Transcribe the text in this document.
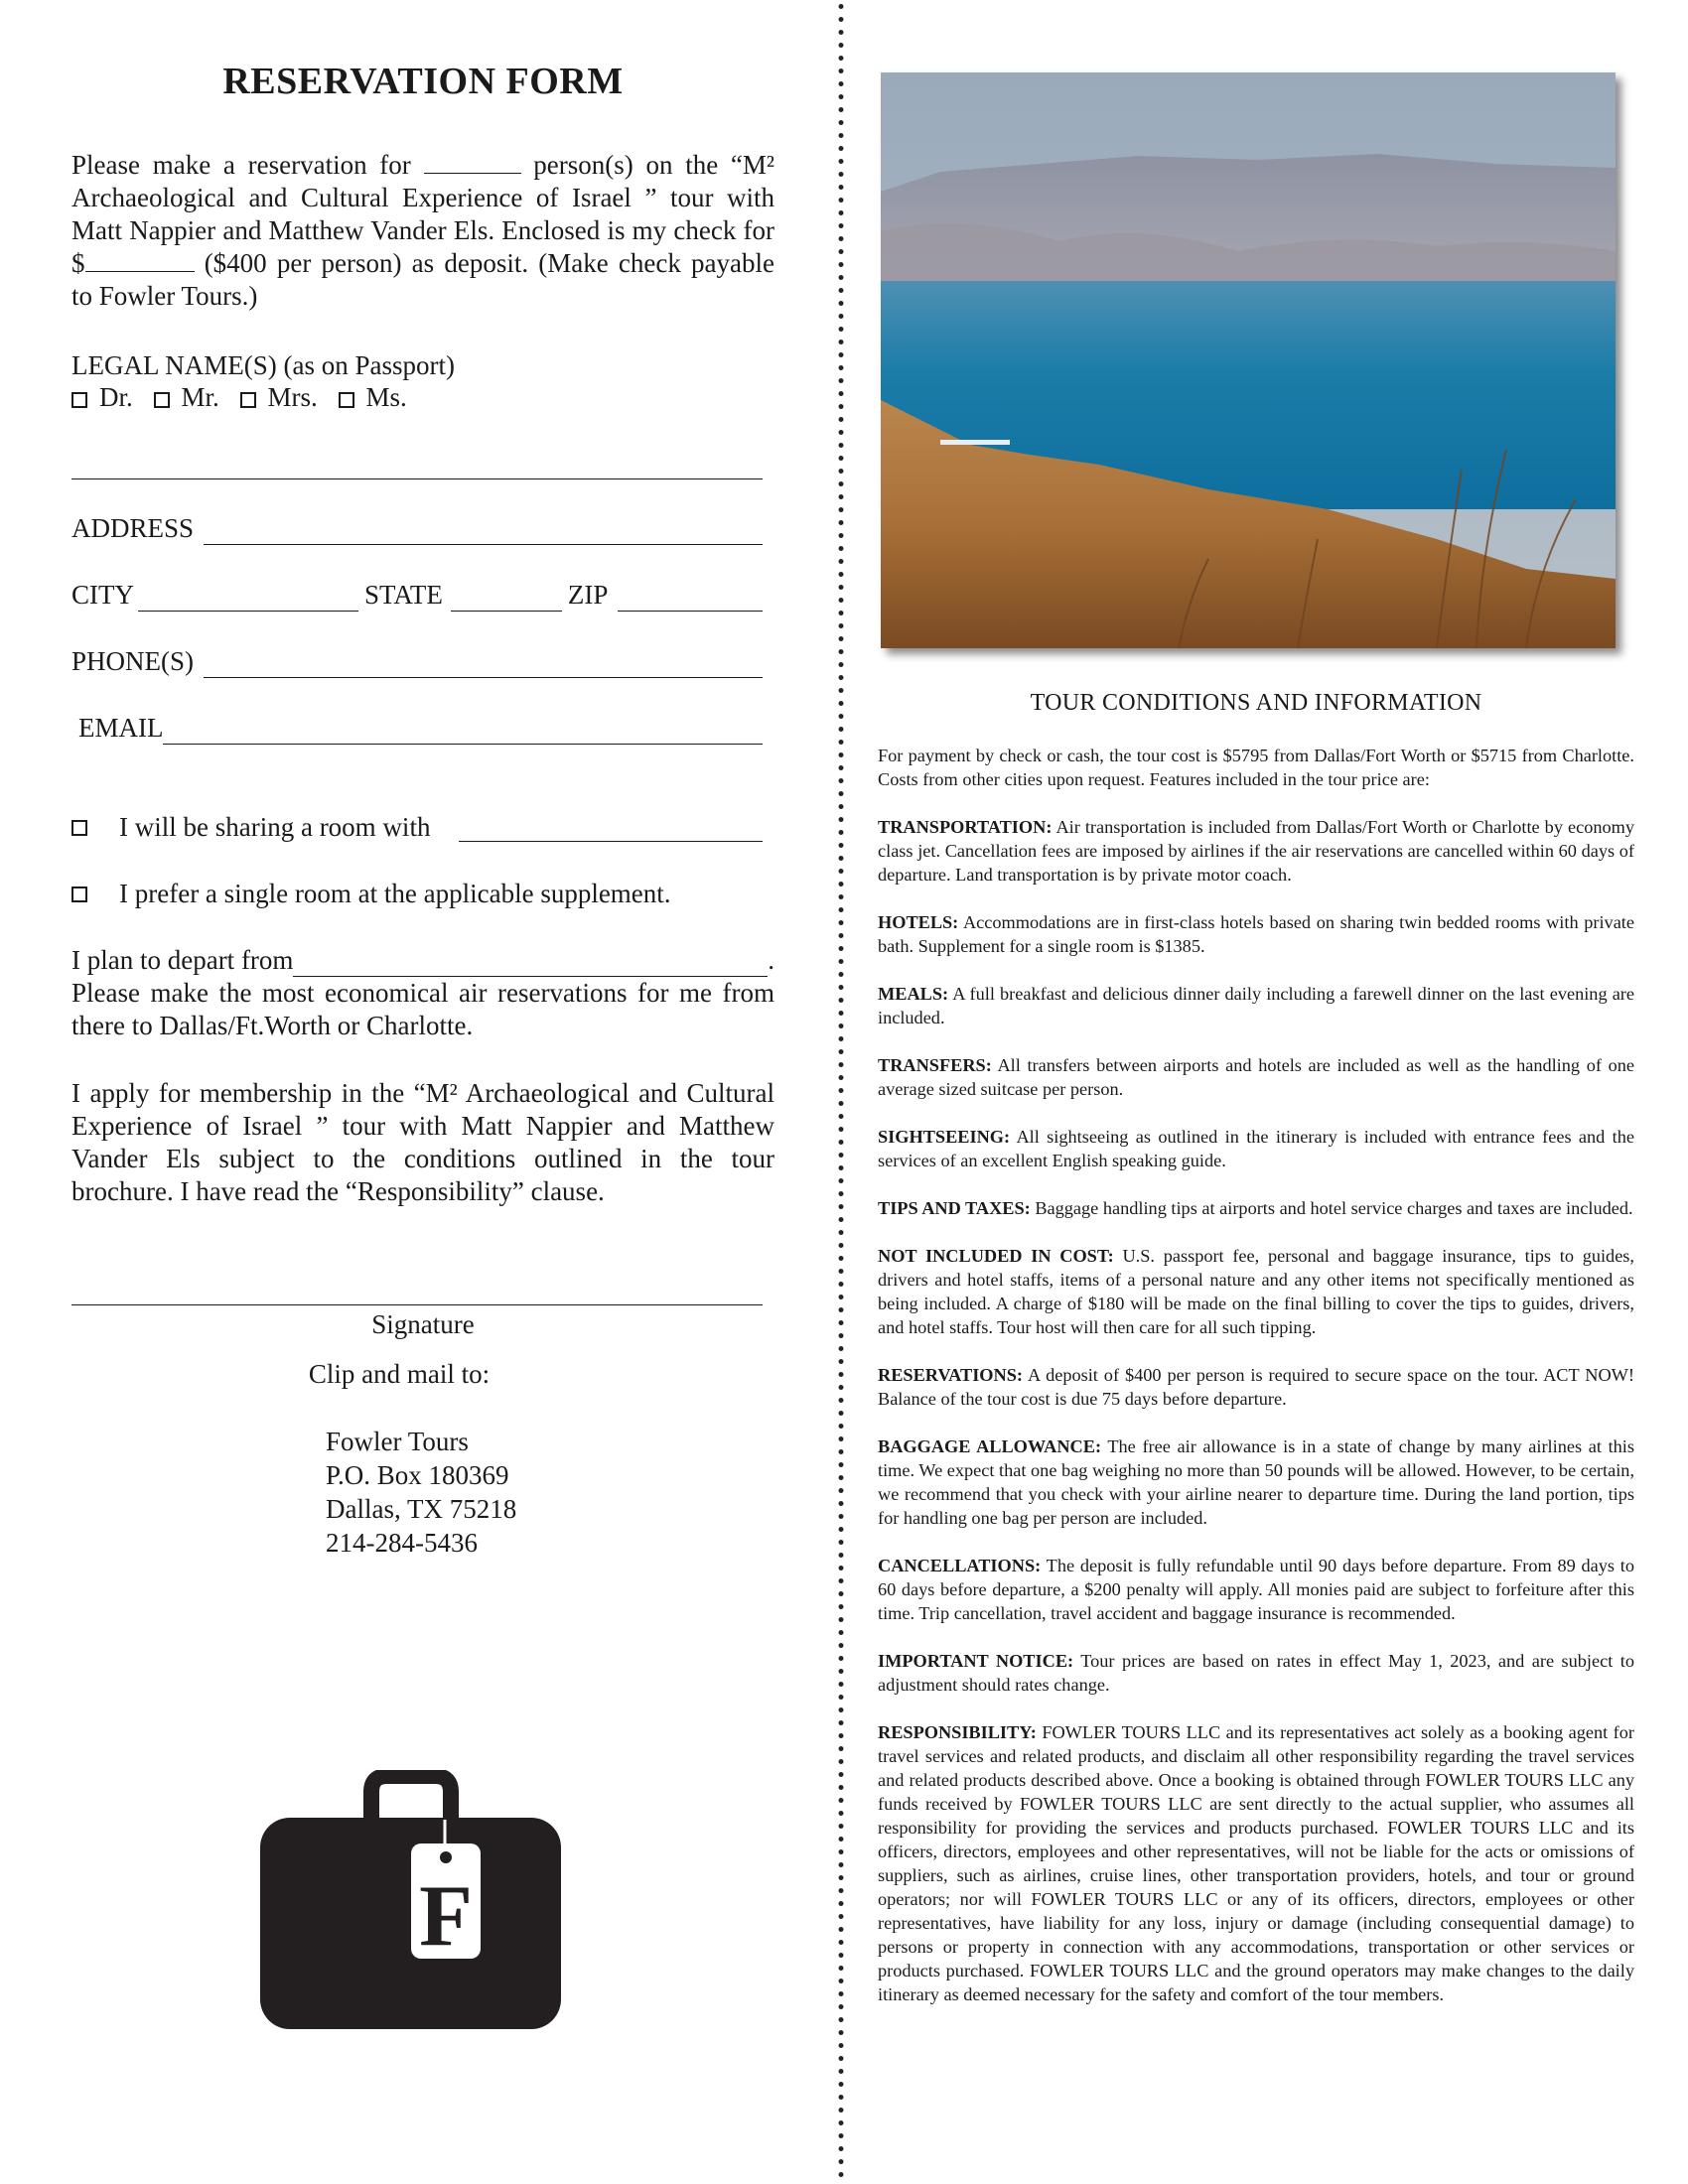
RESERVATION FORM
Please make a reservation for	person(s) on the “M² Archaeological and Cultural Experience of Israel ” tour with Matt Nappier and Matthew Vander Els. Enclosed is my check for $	($400 per person) as deposit. (Make check payable to Fowler Tours.)
LEGAL NAME(S) (as on Passport)
Dr. Mr. Mrs. Ms.
ADDRESS
CITY	STATE	ZIP
PHONE(S)
EMAIL
I will be sharing a room with
I prefer a single room at the applicable supplement.
I plan to depart from	.
Please make the most economical air reservations for me from there to Dallas/Ft.Worth or Charlotte.
I apply for membership in the “M² Archaeological and Cultural Experience of Israel ” tour with Matt Nappier and Matthew Vander Els subject to the conditions outlined in the tour brochure. I have read the “Responsibility” clause.
Signature
Clip and mail to:
Fowler Tours
P.O. Box 180369
Dallas, TX 75218
214-284-5436
F
TOUR CONDITIONS AND INFORMATION

For payment by check or cash, the tour cost is $5795 from Dallas/Fort Worth or $5715 from Charlotte. Costs from other cities upon request. Features included in the tour price are:

TRANSPORTATION: Air transportation is included from Dallas/Fort Worth or Charlotte by economy class jet. Cancellation fees are imposed by airlines if the air reservations are cancelled within 60 days of departure. Land transportation is by private motor coach.

HOTELS: Accommodations are in first-class hotels based on sharing twin bedded rooms with private bath. Supplement for a single room is $1385.

MEALS: A full breakfast and delicious dinner daily including a farewell dinner on the last evening are included.

TRANSFERS: All transfers between airports and hotels are included as well as the handling of one average sized suitcase per person.

SIGHTSEEING: All sightseeing as outlined in the itinerary is included with entrance fees and the services of an excellent English speaking guide.

TIPS AND TAXES: Baggage handling tips at airports and hotel service charges and taxes are included.

NOT INCLUDED IN COST: U.S. passport fee, personal and baggage insurance, tips to guides, drivers and hotel staffs, items of a personal nature and any other items not specifically mentioned as being included. A charge of $180 will be made on the final billing to cover the tips to guides, drivers, and hotel staffs. Tour host will then care for all such tipping.

RESERVATIONS: A deposit of $400 per person is required to secure space on the tour. ACT NOW! Balance of the tour cost is due 75 days before departure.

BAGGAGE ALLOWANCE: The free air allowance is in a state of change by many airlines at this time. We expect that one bag weighing no more than 50 pounds will be allowed. However, to be certain, we recommend that you check with your airline nearer to departure time. During the land portion, tips for handling one bag per person are included.

CANCELLATIONS: The deposit is fully refundable until 90 days before departure. From 89 days to 60 days before departure, a $200 penalty will apply. All monies paid are subject to forfeiture after this time. Trip cancellation, travel accident and baggage insurance is recommended.

IMPORTANT NOTICE: Tour prices are based on rates in effect May 1, 2023, and are subject to adjustment should rates change.

RESPONSIBILITY: FOWLER TOURS LLC and its representatives act solely as a booking agent for travel services and related products, and disclaim all other responsibility regarding the travel services and related products described above. Once a booking is obtained through FOWLER TOURS LLC any funds received by FOWLER TOURS LLC are sent directly to the actual supplier, who assumes all responsibility for providing the services and products purchased. FOWLER TOURS LLC and its officers, directors, employees and other representatives, will not be liable for the acts or omissions of suppliers, such as airlines, cruise lines, other transportation providers, hotels, and tour or ground operators; nor will FOWLER TOURS LLC or any of its officers, directors, employees or other representatives, have liability for any loss, injury or damage (including consequential damage) to persons or property in connection with any accommodations, transportation or other services or products purchased. FOWLER TOURS LLC and the ground operators may make changes to the daily itinerary as deemed necessary for the safety and comfort of the tour members.
